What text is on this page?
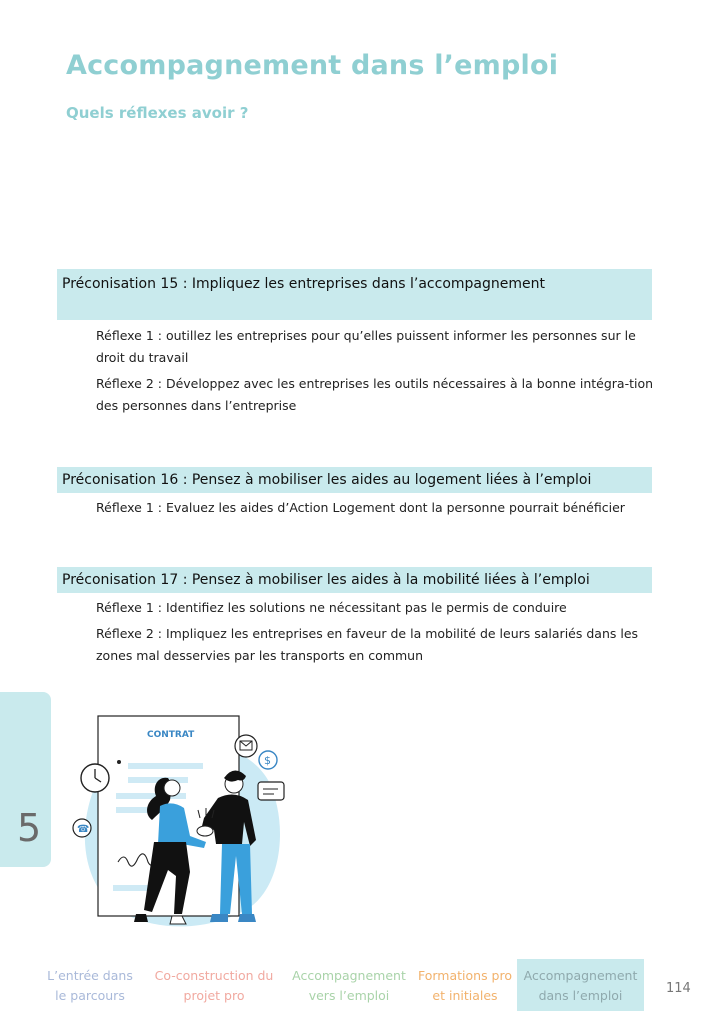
Accompagnement dans l’emploi
Quels réflexes avoir ?
Préconisation 15 : Impliquez les entreprises dans l’accompagnement
Réflexe 1 : outillez les entreprises pour qu’elles puissent informer les personnes sur le droit du travail
Réflexe 2 : Développez avec les entreprises les outils nécessaires à la bonne intégra-tion des personnes dans l’entreprise
Préconisation 16 : Pensez à mobiliser les aides au logement liées à l’emploi
Réflexe 1 : Evaluez les aides d’Action Logement dont la personne pourrait bénéficier
Préconisation 17 : Pensez à mobiliser les aides à la mobilité liées à l’emploi
Réflexe 1 : Identifiez les solutions ne nécessitant pas le permis de conduire
Réflexe 2 : Impliquez les entreprises en faveur de la mobilité de leurs salariés dans les zones mal desservies par les transports en commun
5
CONTRAT
☎
$
L’entrée dans
le parcours
Co-construction du
projet pro
Accompagnement
vers l’emploi
Formations pro
et initiales
Accompagnement
dans l’emploi	114
